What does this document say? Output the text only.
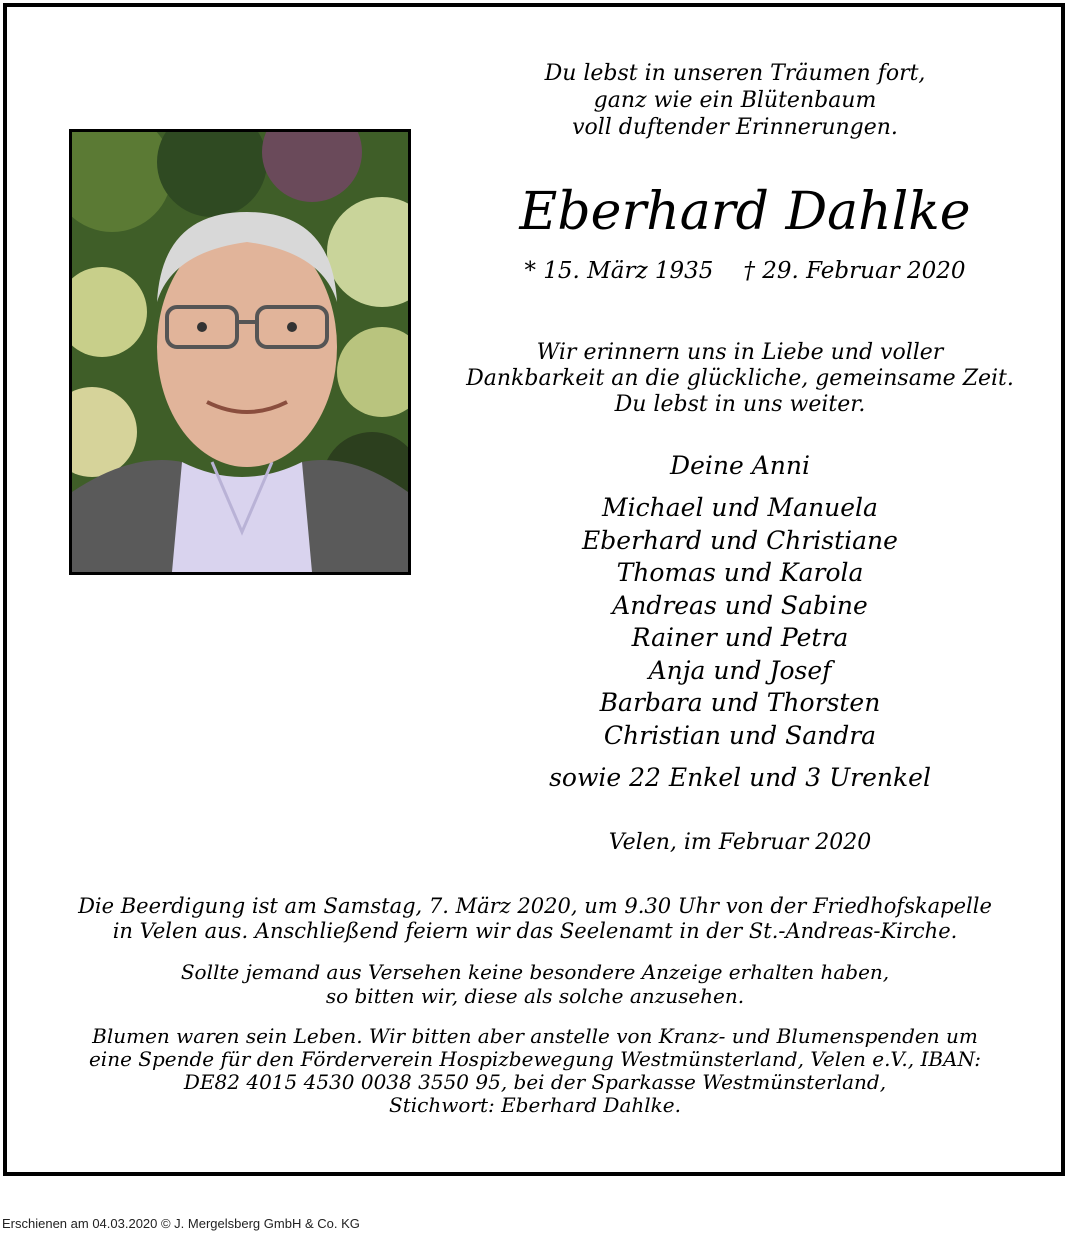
Du lebst in unseren Träumen fort,
ganz wie ein Blütenbaum
voll duftender Erinnerungen.
Eberhard Dahlke
* 15. März 1935 † 29. Februar 2020
Wir erinnern uns in Liebe und voller
Dankbarkeit an die glückliche, gemeinsame Zeit.
Du lebst in uns weiter.
Deine Anni
Michael und Manuela
Eberhard und Christiane
Thomas und Karola
Andreas und Sabine
Rainer und Petra
Anja und Josef
Barbara und Thorsten
Christian und Sandra
sowie 22 Enkel und 3 Urenkel
Velen, im Februar 2020
Die Beerdigung ist am Samstag, 7. März 2020, um 9.30 Uhr von der Friedhofskapelle
in Velen aus. Anschließend feiern wir das Seelenamt in der St.-Andreas-Kirche.
Sollte jemand aus Versehen keine besondere Anzeige erhalten haben,
so bitten wir, diese als solche anzusehen.
Blumen waren sein Leben. Wir bitten aber anstelle von Kranz- und Blumenspenden um
eine Spende für den Förderverein Hospizbewegung Westmünsterland, Velen e.V., IBAN:
DE82 4015 4530 0038 3550 95, bei der Sparkasse Westmünsterland,
Stichwort: Eberhard Dahlke.
Erschienen am 04.03.2020 © J. Mergelsberg GmbH & Co. KG
